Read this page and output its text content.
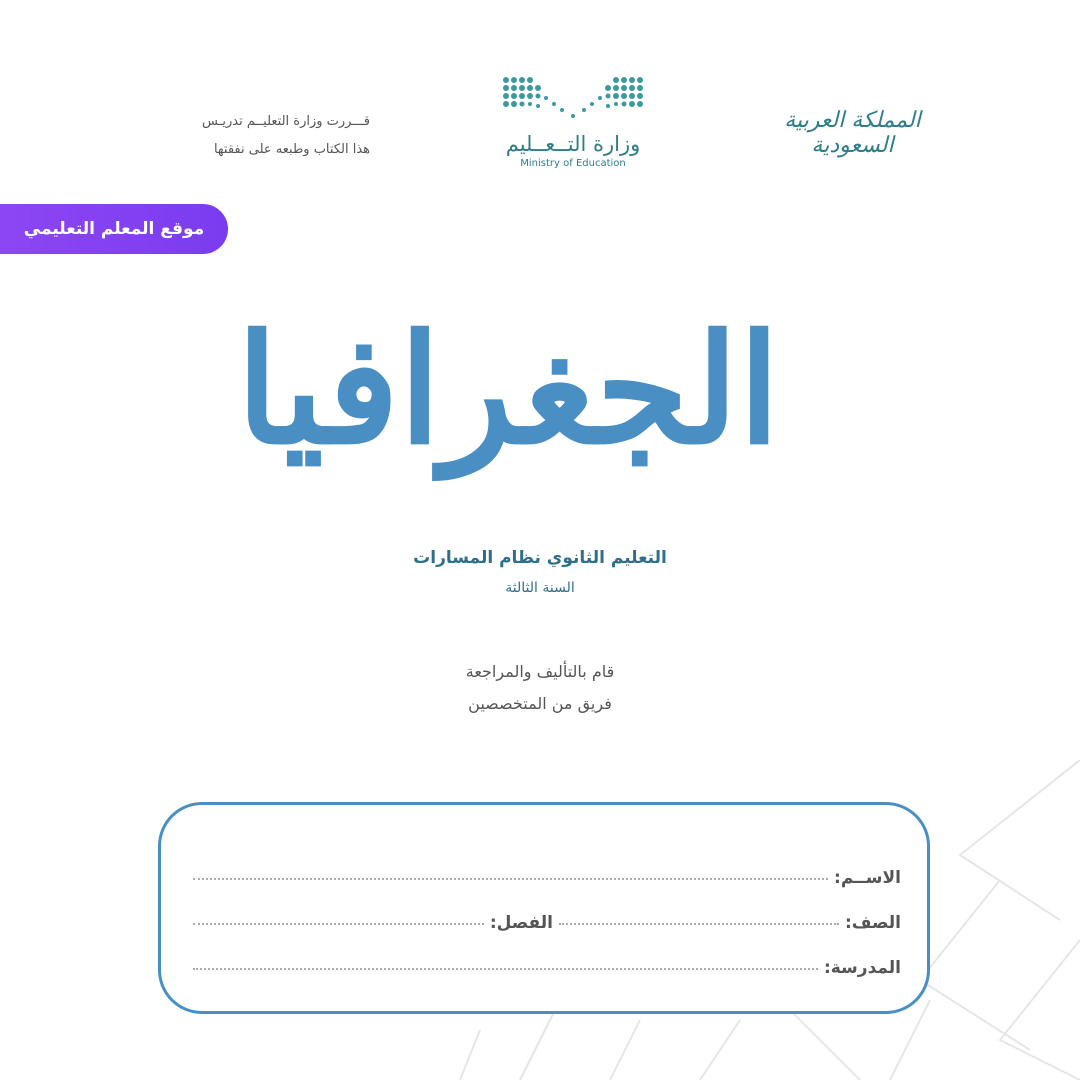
قـــررت وزارة التعليــم تدريـس
هذا الكتاب وطبعه على نفقتها	وزارة التــعــليم
Ministry of Education
المملكة العربية السعودية
موقع المعلم التعليمي
الجغرافيا
التعليم الثانوي نظام المسارات
السنة الثالثة
قام بالتأليف والمراجعة
فريق من المتخصصين
الاســم:
الصف:
الفصل:
المدرسة:
